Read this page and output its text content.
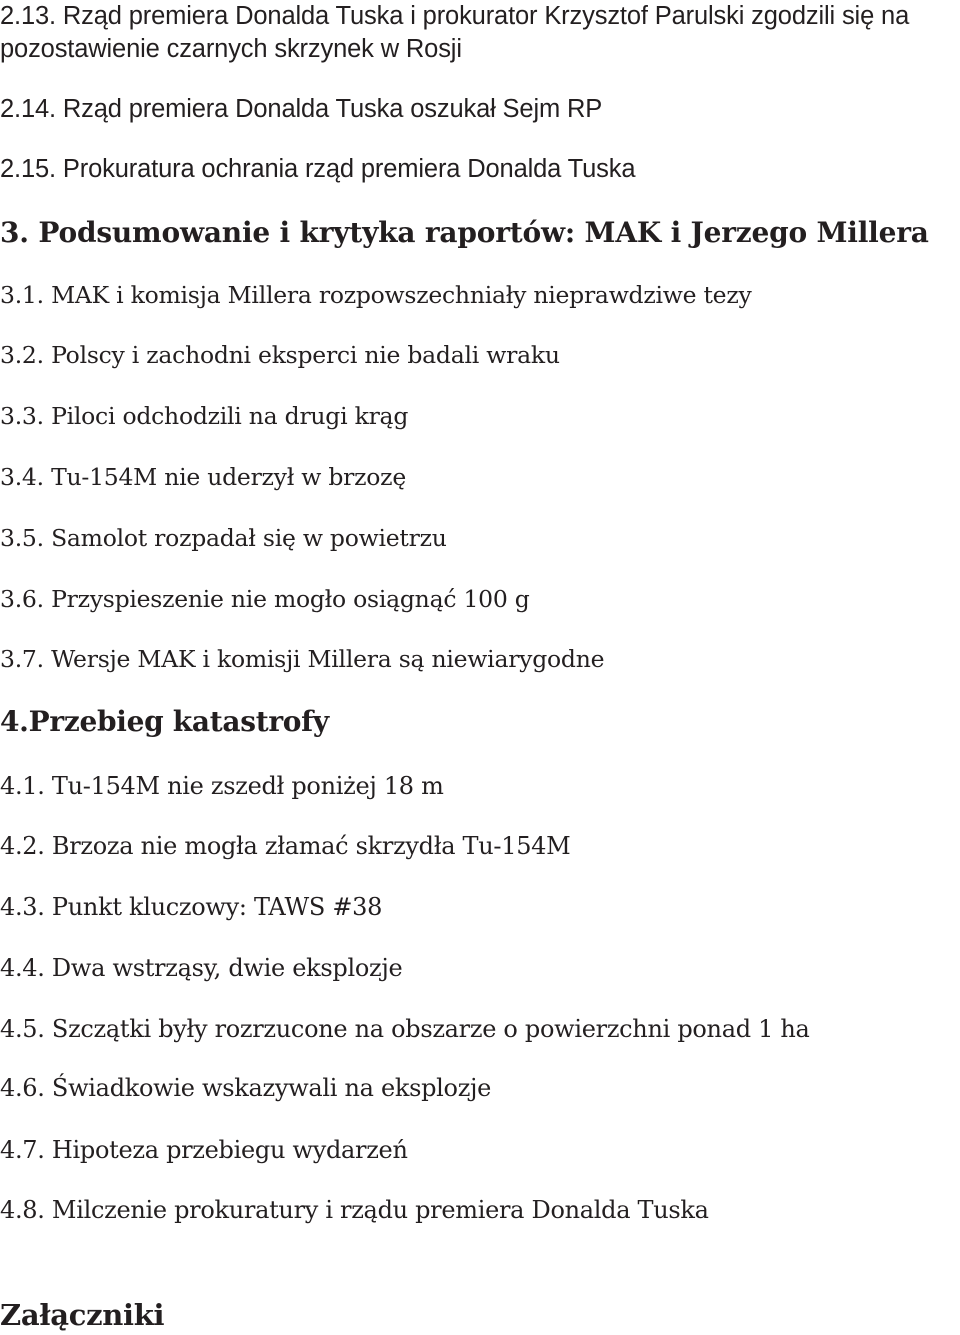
2.13. Rząd premiera Donalda Tuska i prokurator Krzysztof Parulski zgodzili się na

pozostawienie czarnych skrzynek w Rosji

2.14. Rząd premiera Donalda Tuska oszukał Sejm RP

2.15. Prokuratura ochrania rząd premiera Donalda Tuska

3. Podsumowanie i krytyka raportów: MAK i Jerzego Millera

3.1. MAK i komisja Millera rozpowszechniały nieprawdziwe tezy

3.2. Polscy i zachodni eksperci nie badali wraku

3.3. Piloci odchodzili na drugi krąg

3.4. Tu-154M nie uderzył w brzozę

3.5. Samolot rozpadał się w powietrzu

3.6. Przyspieszenie nie mogło osiągnąć 100 g

3.7. Wersje MAK i komisji Millera są niewiarygodne

4.Przebieg katastrofy

4.1. Tu-154M nie zszedł poniżej 18 m

4.2. Brzoza nie mogła złamać skrzydła Tu-154M

4.3. Punkt kluczowy: TAWS #38

4.4. Dwa wstrząsy, dwie eksplozje

4.5. Szczątki były rozrzucone na obszarze o powierzchni ponad 1 ha

4.6. Świadkowie wskazywali na eksplozje

4.7. Hipoteza przebiegu wydarzeń

4.8. Milczenie prokuratury i rządu premiera Donalda Tuska

Załączniki
